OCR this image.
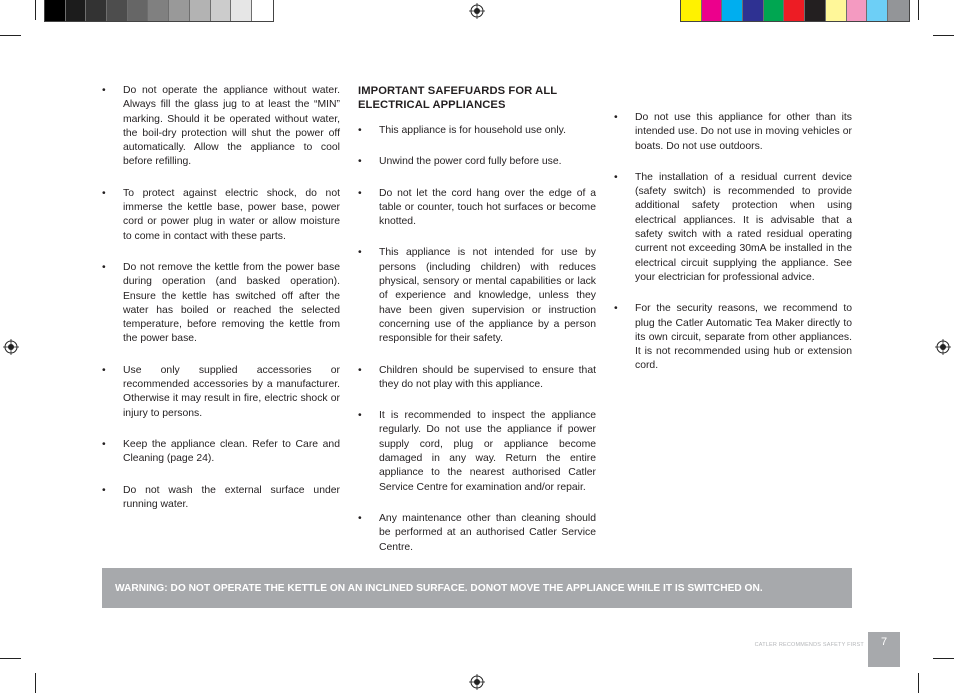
• Do not operate the appliance without water. Always fill the glass jug to at least the “MIN” marking. Should it be operated without water, the boil-dry protection will shut the power off automatically. Allow the appliance to cool before refilling.
• To protect against electric shock, do not immerse the kettle base, power base, power cord or power plug in water or allow moisture to come in contact with these parts.
• Do not remove the kettle from the power base during operation (and basked operation). Ensure the kettle has switched off after the water has boiled or reached the selected temperature, before removing the kettle from the power base.
• Use only supplied accessories or recommended accessories by a manufacturer. Otherwise it may result in fire, electric shock or injury to persons.
• Keep the appliance clean. Refer to Care and Cleaning (page 24).
• Do not wash the external surface under running water.
IMPORTANT SAFEFUARDS FOR ALL ELECTRICAL APPLIANCES
• This appliance is for household use only.
• Unwind the power cord fully before use.
• Do not let the cord hang over the edge of a table or counter, touch hot surfaces or become knotted.
• This appliance is not intended for use by persons (including children) with reduces physical, sensory or mental capabilities or lack of experience and knowledge, unless they have been given supervision or instruction concerning use of the appliance by a person responsible for their safety.
• Children should be supervised to ensure that they do not play with this appliance.
• It is recommended to inspect the appliance regularly. Do not use the appliance if power supply cord, plug or appliance become damaged in any way. Return the entire appliance to the nearest authorised Catler Service Centre for examination and/or repair.
• Any maintenance other than cleaning should be performed at an authorised Catler Service Centre.
• Do not use this appliance for other than its intended use. Do not use in moving vehicles or boats. Do not use outdoors.
• The installation of a residual current device (safety switch) is recommended to provide additional safety protection when using electrical appliances. It is advisable that a safety switch with a rated residual operating current not exceeding 30mA be installed in the electrical circuit supplying the appliance. See your electrician for professional advice.
• For the security reasons, we recommend to plug the Catler Automatic Tea Maker directly to its own circuit, separate from other appliances. It is not recommended using hub or extension cord.
WARNING: DO NOT OPERATE THE KETTLE ON AN INCLINED SURFACE. DONOT MOVE THE APPLIANCE WHILE IT IS SWITCHED ON.
CATLER RECOMMENDS SAFETY FIRST	7
